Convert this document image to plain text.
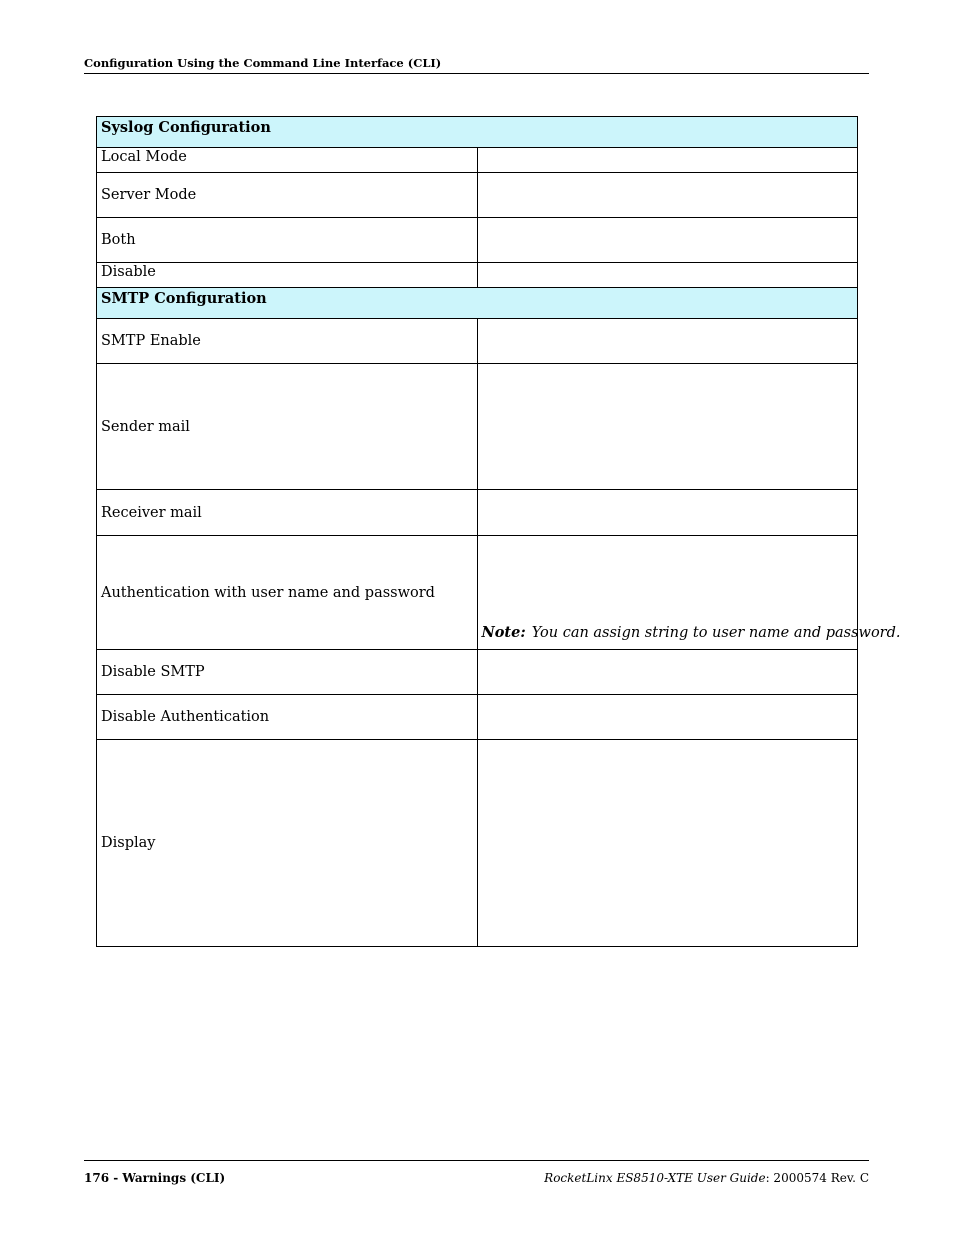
Configuration Using the Command Line Interface (CLI)
Syslog Configuration	
Local Mode	
Server Mode	
Both	
Disable	
SMTP Configuration	
SMTP Enable	
Sender mail	
Receiver mail	
Authentication with user name and password	Note: You can assign string to user name and password.

Disable SMTP	
Disable Authentication	
Display	
176 - Warnings (CLI)	RocketLinx ES8510-XTE User Guide: 2000574 Rev. C
